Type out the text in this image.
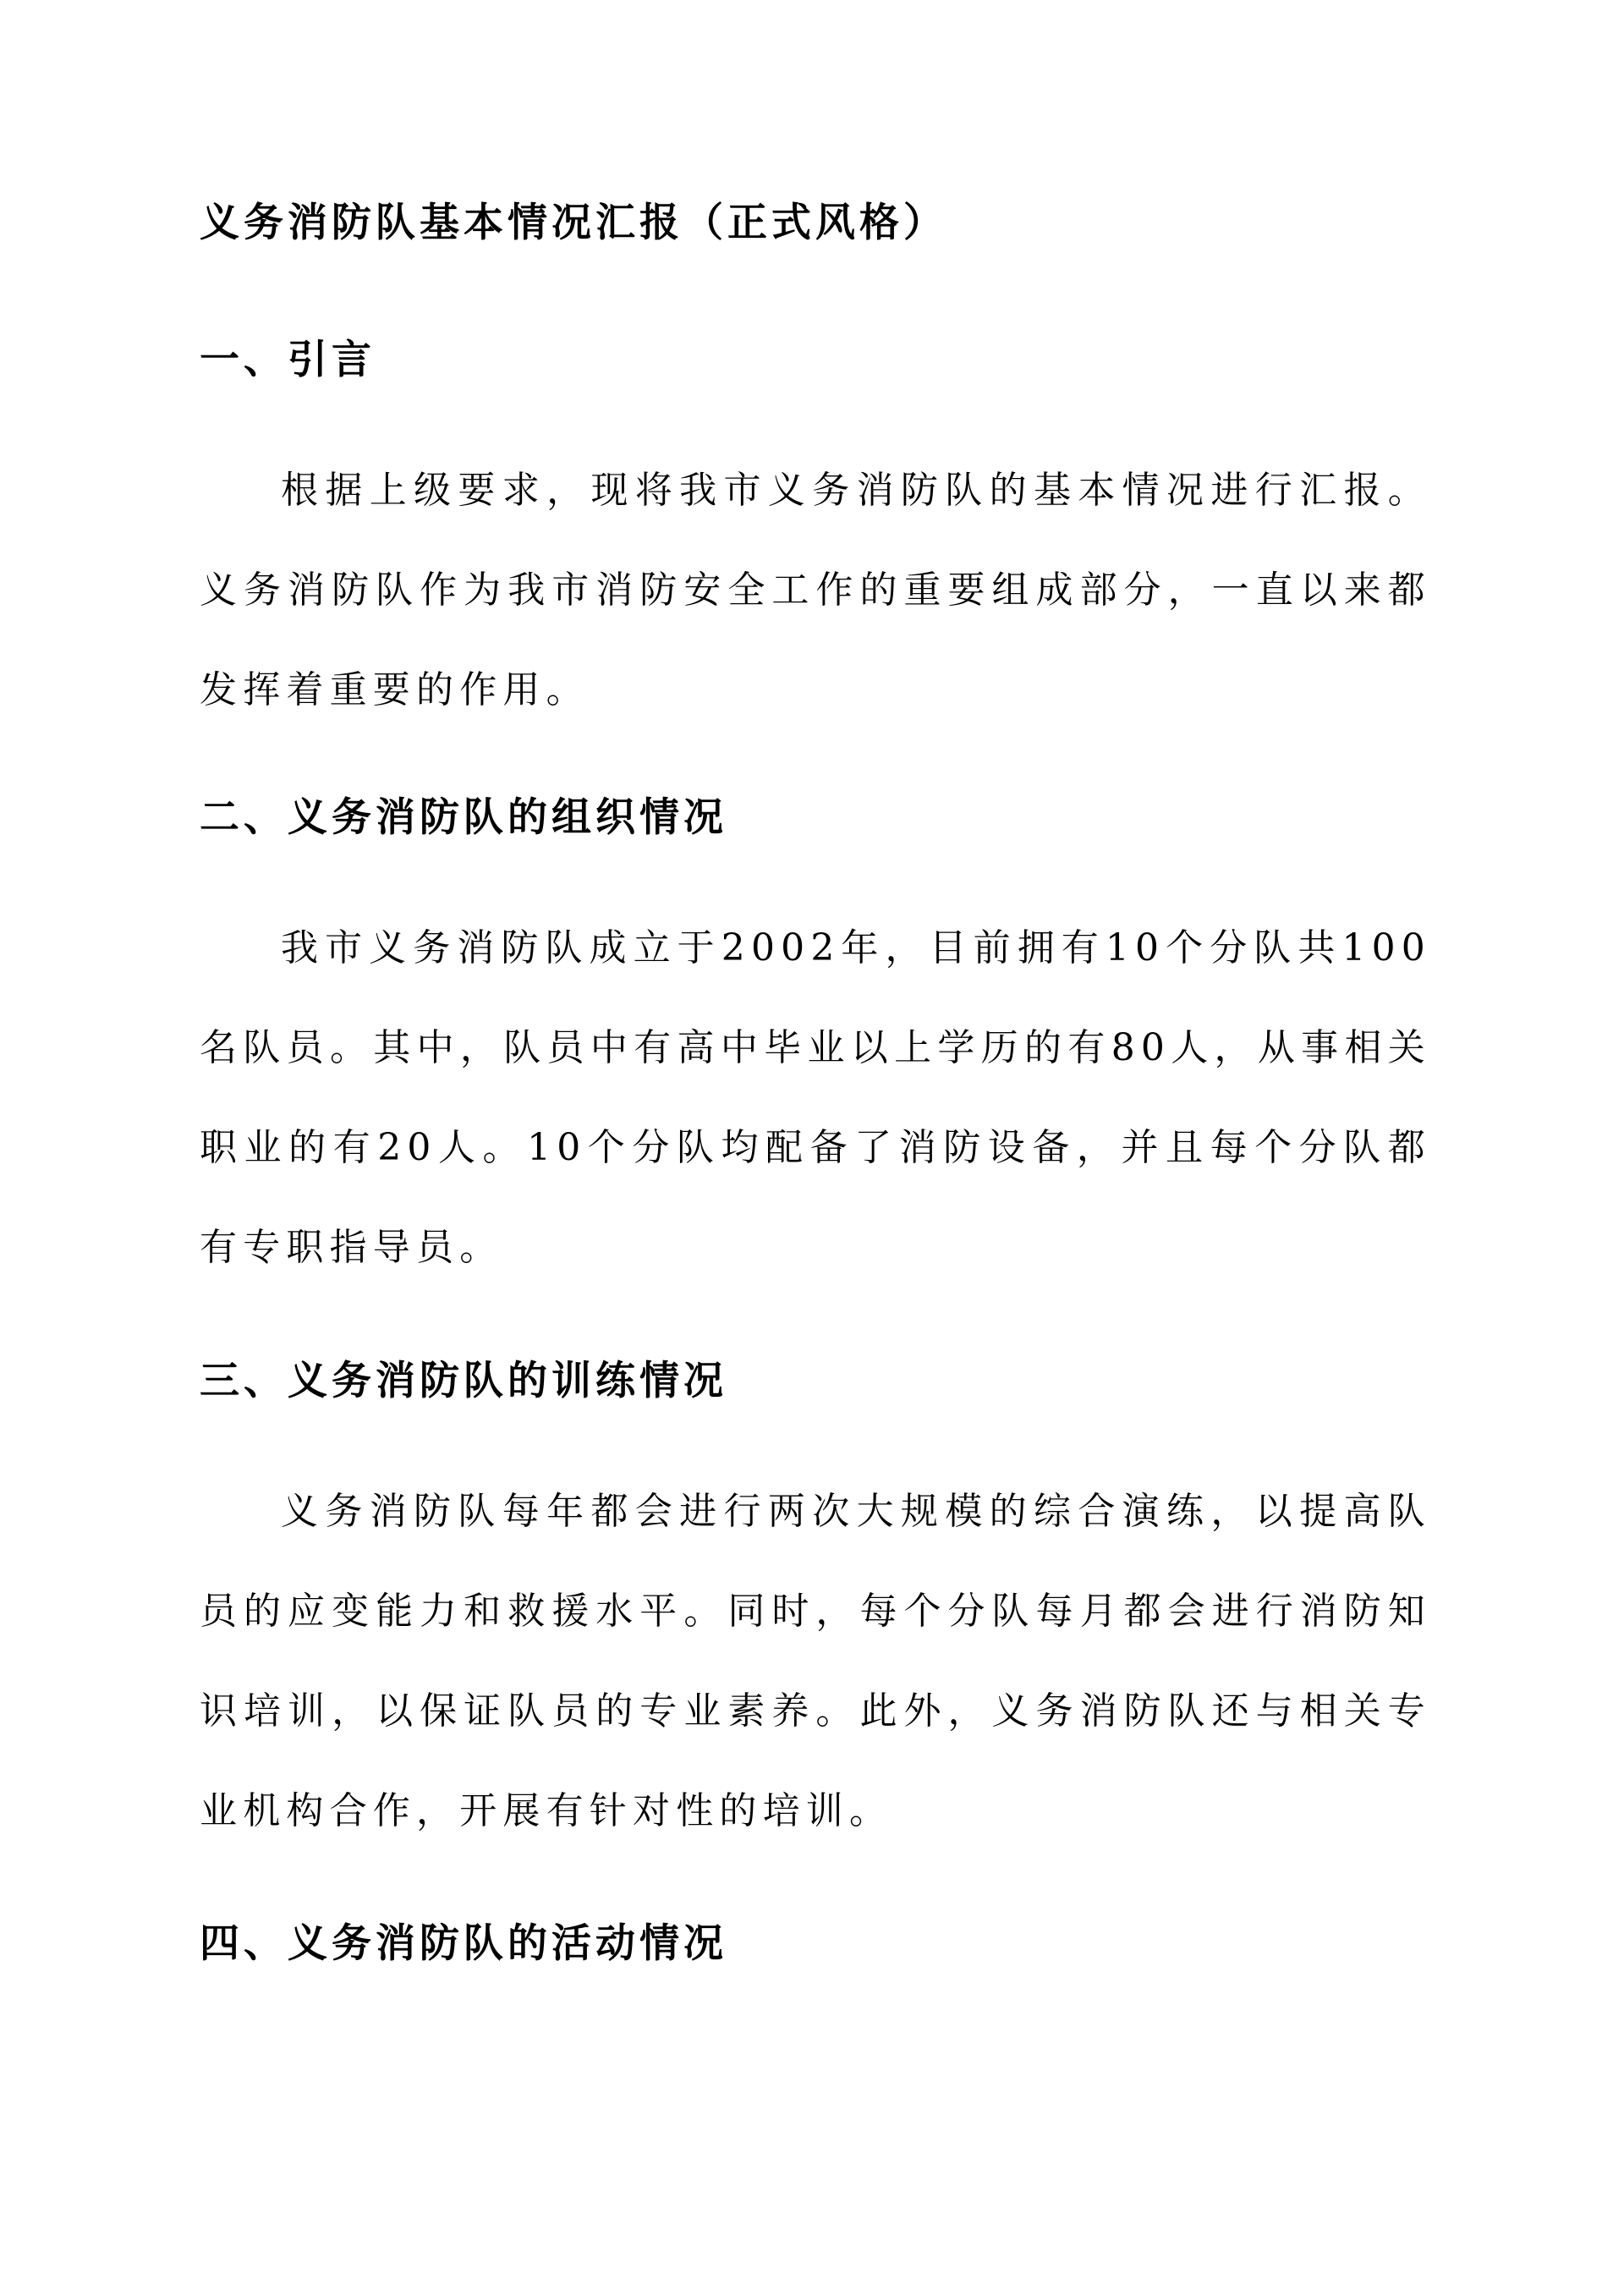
义务消防队基本情况汇报（正式风格）
一、引言

根据上级要求，现将我市义务消防队的基本情况进行汇报。义务消防队作为我市消防安全工作的重要组成部分，一直以来都发挥着重要的作用。

二、义务消防队的组织情况

我市义务消防队成立于2002年，目前拥有10个分队共100名队员。其中，队员中有高中毕业以上学历的有80人，从事相关职业的有20人。10个分队均配备了消防设备，并且每个分队都有专职指导员。

三、义务消防队的训练情况

义务消防队每年都会进行两次大规模的综合演练，以提高队员的应变能力和救援水平。同时，每个分队每月都会进行消防知识培训，以保证队员的专业素养。此外，义务消防队还与相关专业机构合作，开展有针对性的培训。

四、义务消防队的活动情况
